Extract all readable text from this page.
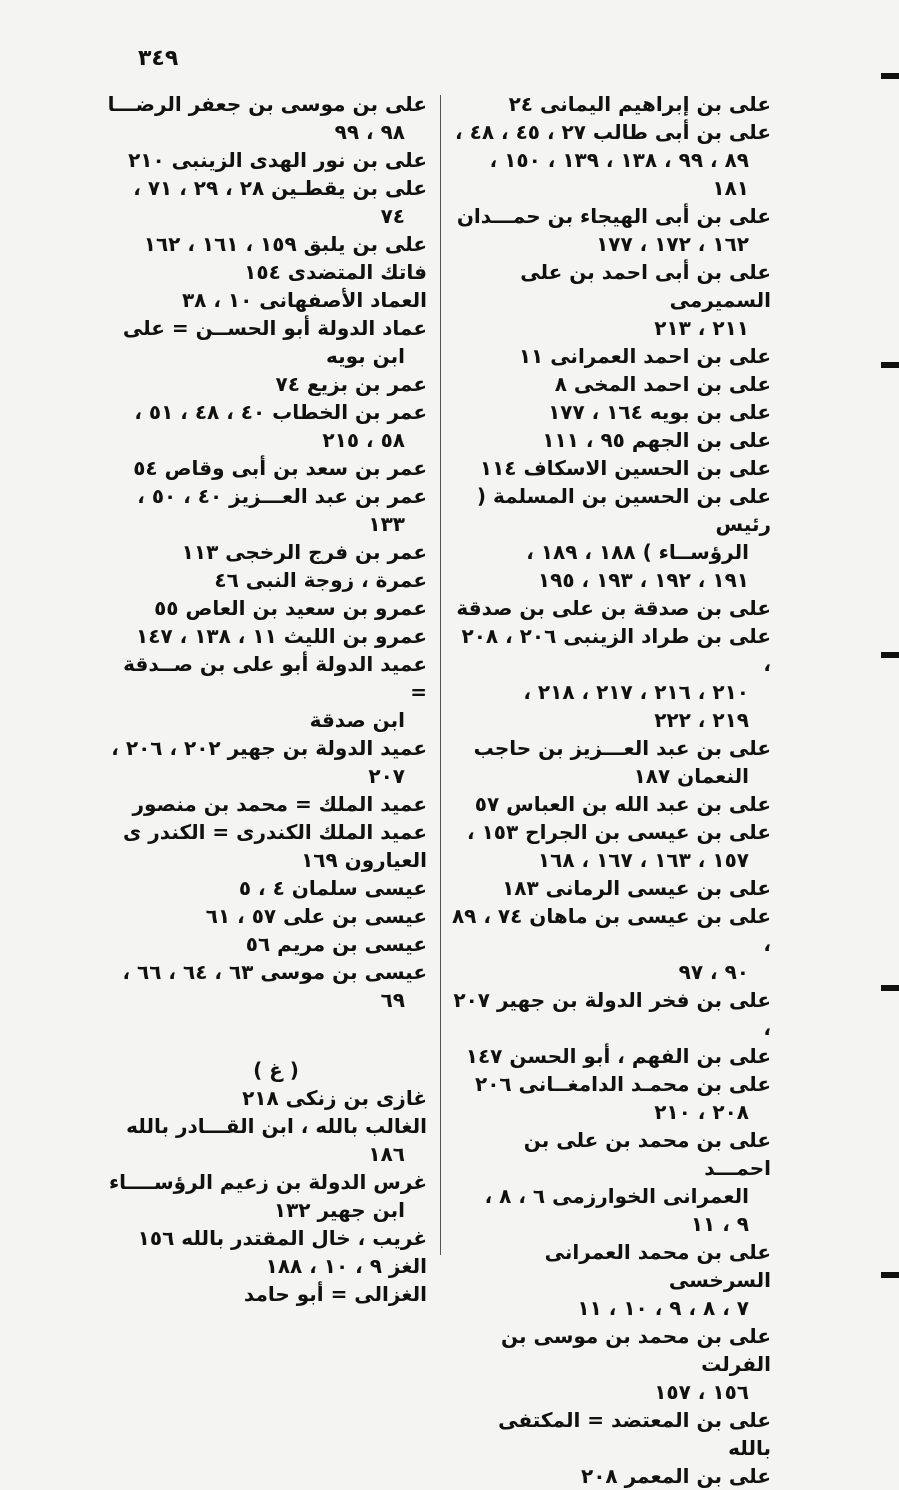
٣٤٩
على بن إبراهيم اليمانى ٢٤
على بن أبى طالب ٢٧ ، ٤٥ ، ٤٨ ،
٨٩ ، ٩٩ ، ١٣٨ ، ١٣٩ ، ١٥٠ ،
١٨١
على بن أبى الهيجاء بن حمـــدان
١٦٢ ، ١٧٢ ، ١٧٧
على بن أبى احمد بن على السميرمى
٢١١ ، ٢١٣
على بن احمد العمرانى ١١
على بن احمد المخى ٨
على بن بويه ١٦٤ ، ١٧٧
على بن الجهم ٩٥ ، ١١١
على بن الحسين الاسكاف ١١٤
على بن الحسين بن المسلمة ( رئيس
الرؤســاء ) ١٨٨ ، ١٨٩ ،
١٩١ ، ١٩٢ ، ١٩٣ ، ١٩٥
على بن صدقة بن على بن صدقة
على بن طراد الزينبى ٢٠٦ ، ٢٠٨ ،
٢١٠ ، ٢١٦ ، ٢١٧ ، ٢١٨ ،
٢١٩ ، ٢٢٢
على بن عبد العـــزيز بن حاجب
النعمان ١٨٧
على بن عبد الله بن العباس ٥٧
على بن عيسى بن الجراح ١٥٣ ،
١٥٧ ، ١٦٣ ، ١٦٧ ، ١٦٨
على بن عيسى الرمانى ١٨٣
على بن عيسى بن ماهان ٧٤ ، ٨٩ ،
٩٠ ، ٩٧
على بن فخر الدولة بن جهير ٢٠٧ ،
على بن الفهم ، أبو الحسن ١٤٧
على بن محمـد الدامغــانى ٢٠٦
٢٠٨ ، ٢١٠
على بن محمد بن على بن احمـــد
العمرانى الخوارزمى ٦ ، ٨ ،
٩ ، ١١
على بن محمد العمرانى السرخسى
٧ ، ٨ ، ٩ ، ١٠ ، ١١
على بن محمد بن موسى بن الفرلت
١٥٦ ، ١٥٧
على بن المعتضد = المكتفى بالله
على بن المعمر ٢٠٨
على بن موسى بن جعفر الرضـــا
٩٨ ، ٩٩
على بن نور الهدى الزينبى ٢١٠
على بن يقطـين ٢٨ ، ٢٩ ، ٧١ ،
٧٤
على بن يلبق ١٥٩ ، ١٦١ ، ١٦٢
فاتك المتضدى ١٥٤
العماد الأصفهانى ١٠ ، ٣٨
عماد الدولة أبو الحســن = على
ابن بويه
عمر بن بزيع ٧٤
عمر بن الخطاب ٤٠ ، ٤٨ ، ٥١ ،
٥٨ ، ٢١٥
عمر بن سعد بن أبى وقاص ٥٤
عمر بن عبد العـــزيز ٤٠ ، ٥٠ ،
١٣٣
عمر بن فرج الرخجى ١١٣
عمرة ، زوجة النبى ٤٦
عمرو بن سعيد بن العاص ٥٥
عمرو بن الليث ١١ ، ١٣٨ ، ١٤٧
عميد الدولة أبو على بن صــدقة =
ابن صدقة
عميد الدولة بن جهير ٢٠٢ ، ٢٠٦ ،
٢٠٧
عميد الملك = محمد بن منصور
عميد الملك الكندرى = الكندر ى
العيارون ١٦٩
عيسى سلمان ٤ ، ٥
عيسى بن على ٥٧ ، ٦١
عيسى بن مريم ٥٦
عيسى بن موسى ٦٣ ، ٦٤ ، ٦٦ ،
٦٩
( غ )
غازى بن زنكى ٢١٨
الغالب بالله ، ابن القـــادر بالله
١٨٦
غرس الدولة بن زعيم الرؤســــاء
ابن جهير ١٣٢
غريب ، خال المقتدر بالله ١٥٦
الغز ٩ ، ١٠ ، ١٨٨
الغزالى = أبو حامد
